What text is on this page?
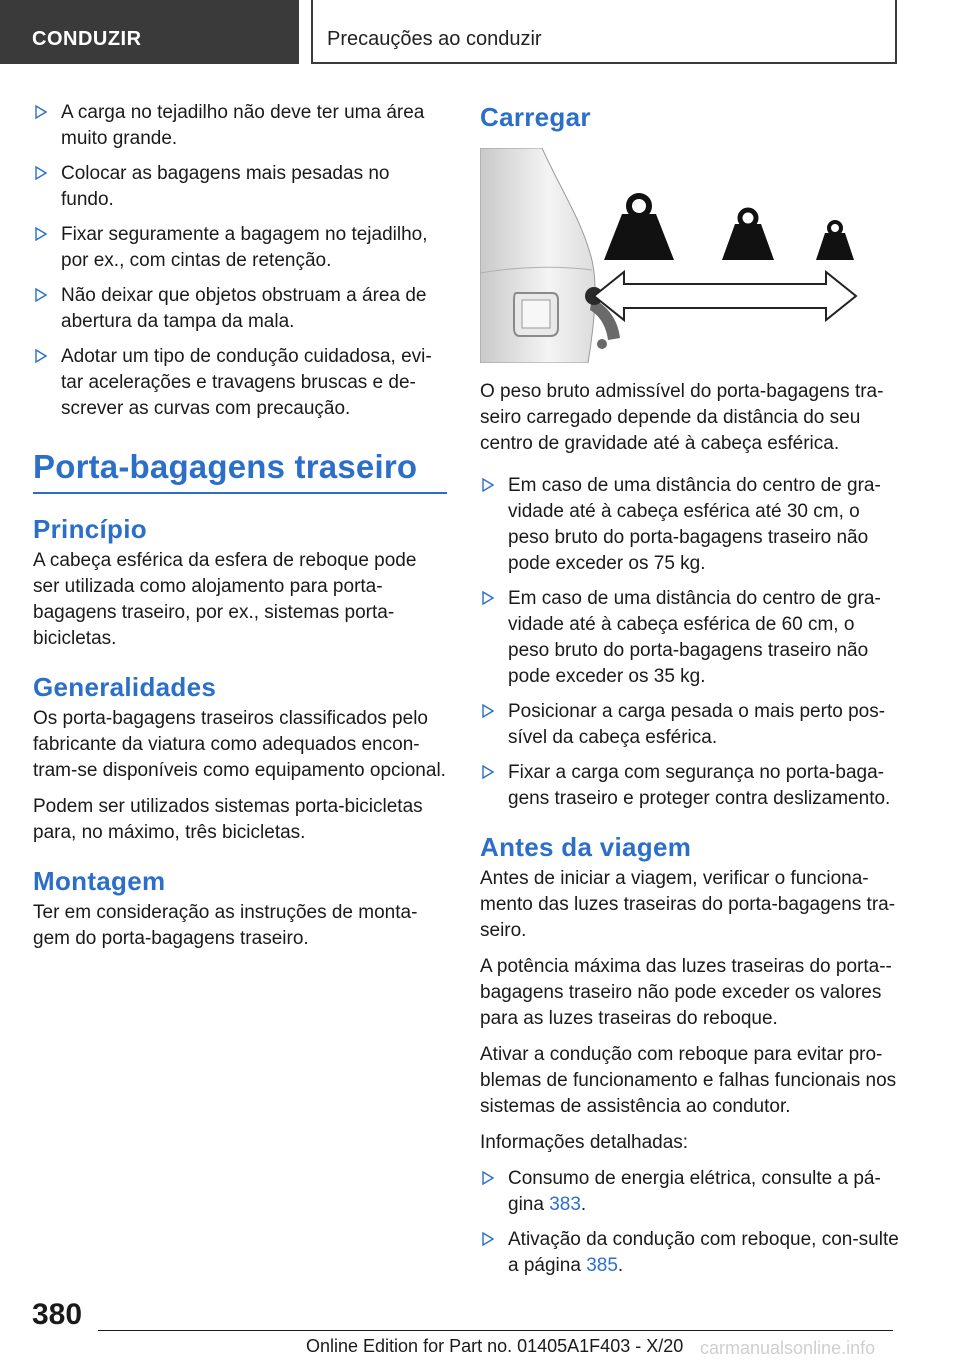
CONDUZIR	Precauções ao conduzir
A carga no tejadilho não deve ter uma área muito grande.
Colocar as bagagens mais pesadas no fundo.
Fixar seguramente a bagagem no tejadilho, por ex., com cintas de retenção.
Não deixar que objetos obstruam a área de abertura da tampa da mala.
Adotar um tipo de condução cuidadosa, evi-tar acelerações e travagens bruscas e de-screver as curvas com precaução.
Porta-bagagens traseiro
Princípio

A cabeça esférica da esfera de reboque pode ser utilizada como alojamento para porta-bagagens traseiro, por ex., sistemas porta-bicicletas.

Generalidades

Os porta-bagagens traseiros classificados pelo fabricante da viatura como adequados encon-tram-se disponíveis como equipamento opcional.

Podem ser utilizados sistemas porta-bicicletas para, no máximo, três bicicletas.

Montagem

Ter em consideração as instruções de monta-gem do porta-bagagens traseiro.

Carregar

O peso bruto admissível do porta-bagagens tra-seiro carregado depende da distância do seu centro de gravidade até à cabeça esférica.

Em caso de uma distância do centro de gra-vidade até à cabeça esférica até 30 cm, o peso bruto do porta-bagagens traseiro não pode exceder os 75 kg.
Em caso de uma distância do centro de gra-vidade até à cabeça esférica de 60 cm, o peso bruto do porta-bagagens traseiro não pode exceder os 35 kg.
Posicionar a carga pesada o mais perto pos-sível da cabeça esférica.
Fixar a carga com segurança no porta-baga-gens traseiro e proteger contra deslizamento.
Antes da viagem

Antes de iniciar a viagem, verificar o funciona-mento das luzes traseiras do porta-bagagens tra-seiro.

A potência máxima das luzes traseiras do porta--bagagens traseiro não pode exceder os valores para as luzes traseiras do reboque.

Ativar a condução com reboque para evitar pro-blemas de funcionamento e falhas funcionais nos sistemas de assistência ao condutor.

Informações detalhadas:

Consumo de energia elétrica, consulte a pá-gina 383.
Ativação da condução com reboque, con-sulte a página 385.
380
Online Edition for Part no. 01405A1F403 - X/20 carmanualsonline.info
